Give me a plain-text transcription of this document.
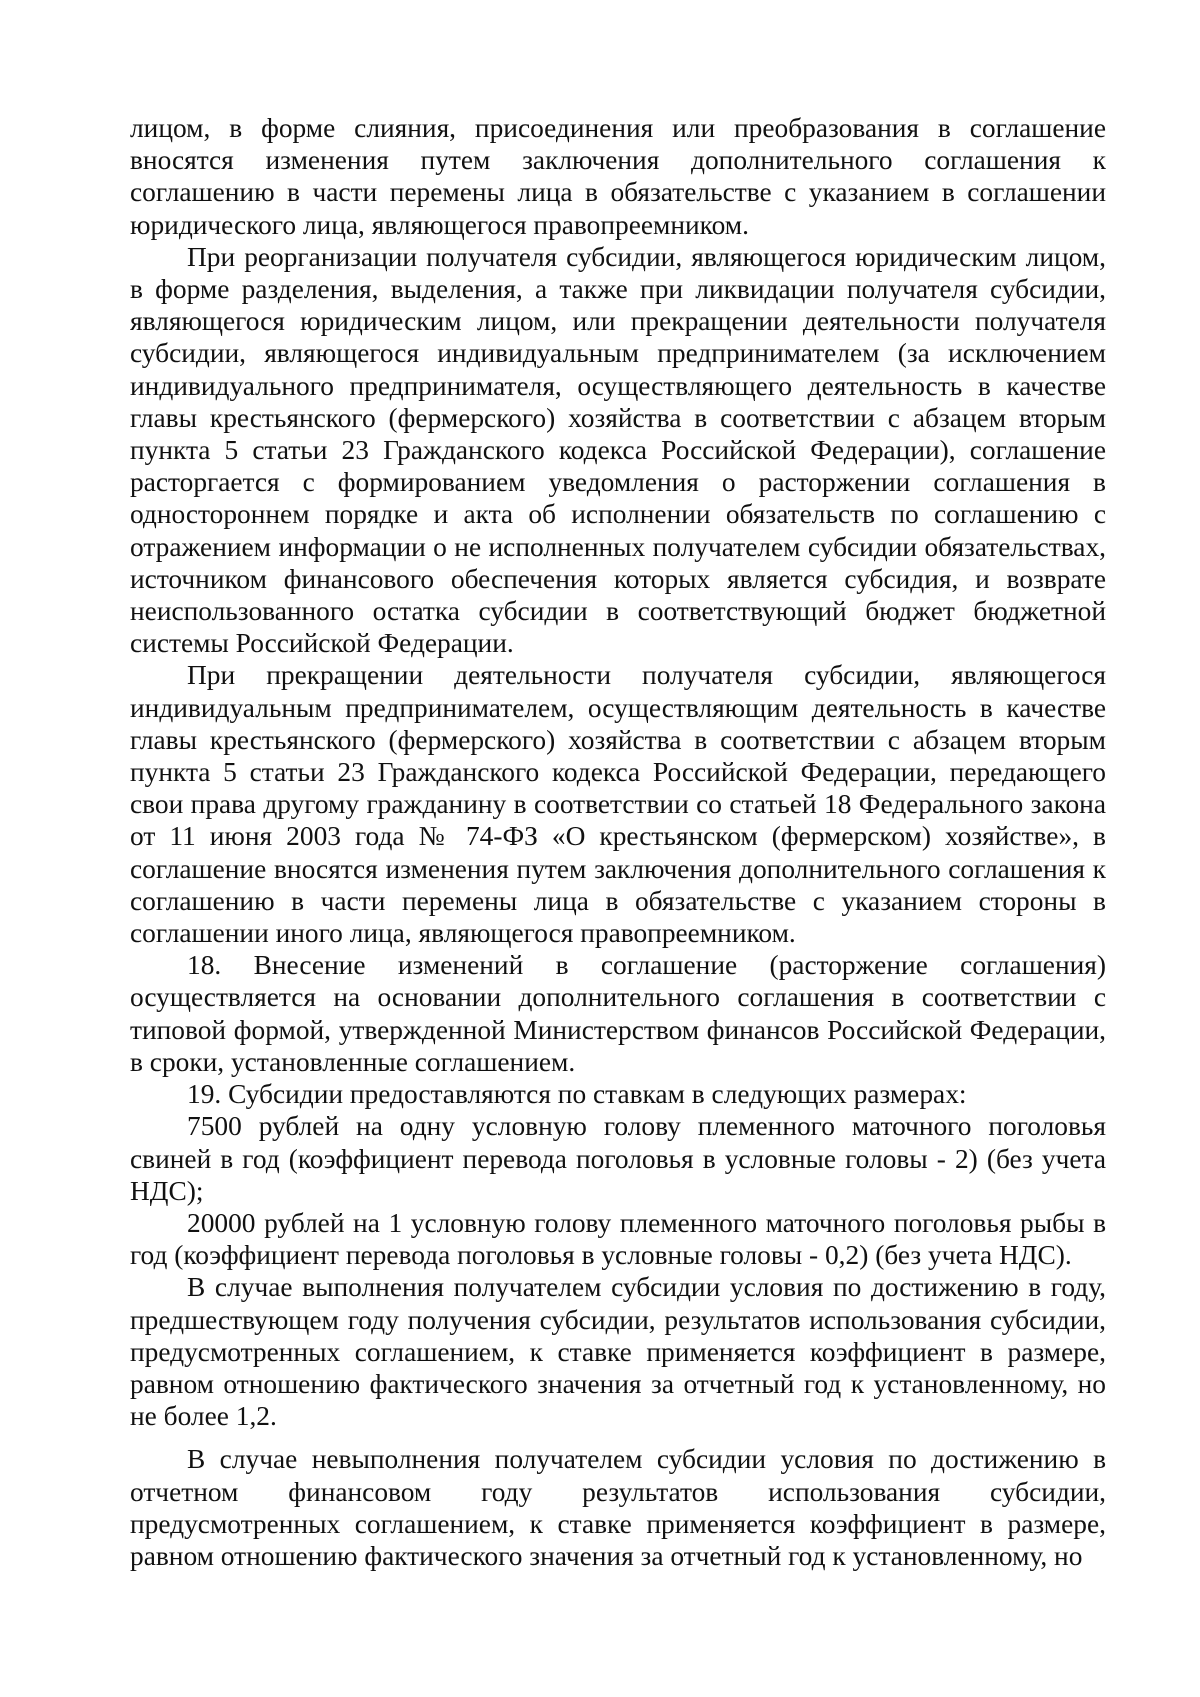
лицом, в форме слияния, присоединения или преобразования в соглашение вносятся изменения путем заключения дополнительного соглашения к соглашению в части перемены лица в обязательстве с указанием в соглашении юридического лица, являющегося правопреемником.

При реорганизации получателя субсидии, являющегося юридическим лицом, в форме разделения, выделения, а также при ликвидации получателя субсидии, являющегося юридическим лицом, или прекращении деятельности получателя субсидии, являющегося индивидуальным предпринимателем (за исключением индивидуального предпринимателя, осуществляющего деятельность в качестве главы крестьянского (фермерского) хозяйства в соответствии с абзацем вторым пункта 5 статьи 23 Гражданского кодекса Российской Федерации), соглашение расторгается с формированием уведомления о расторжении соглашения в одностороннем порядке и акта об исполнении обязательств по соглашению с отражением информации о не исполненных получателем субсидии обязательствах, источником финансового обеспечения которых является субсидия, и возврате неиспользованного остатка субсидии в соответствующий бюджет бюджетной системы Российской Федерации.

При прекращении деятельности получателя субсидии, являющегося индивидуальным предпринимателем, осуществляющим деятельность в качестве главы крестьянского (фермерского) хозяйства в соответствии с абзацем вторым пункта 5 статьи 23 Гражданского кодекса Российской Федерации, передающего свои права другому гражданину в соответствии со статьей 18 Федерального закона от 11 июня 2003 года № 74-ФЗ «О крестьянском (фермерском) хозяйстве», в соглашение вносятся изменения путем заключения дополнительного соглашения к соглашению в части перемены лица в обязательстве с указанием стороны в соглашении иного лица, являющегося правопреемником.

18. Внесение изменений в соглашение (расторжение соглашения) осуществляется на основании дополнительного соглашения в соответствии с типовой формой, утвержденной Министерством финансов Российской Федерации, в сроки, установленные соглашением.

19. Субсидии предоставляются по ставкам в следующих размерах:

7500 рублей на одну условную голову племенного маточного поголовья свиней в год (коэффициент перевода поголовья в условные головы - 2) (без учета НДС);

20000 рублей на 1 условную голову племенного маточного поголовья рыбы в год (коэффициент перевода поголовья в условные головы - 0,2) (без учета НДС).

В случае выполнения получателем субсидии условия по достижению в году, предшествующем году получения субсидии, результатов использования субсидии, предусмотренных соглашением, к ставке применяется коэффициент в размере, равном отношению фактического значения за отчетный год к установленному, но не более 1,2.

В случае невыполнения получателем субсидии условия по достижению в отчетном финансовом году результатов использования субсидии, предусмотренных соглашением, к ставке применяется коэффициент в размере, равном отношению фактического значения за отчетный год к установленному, но
